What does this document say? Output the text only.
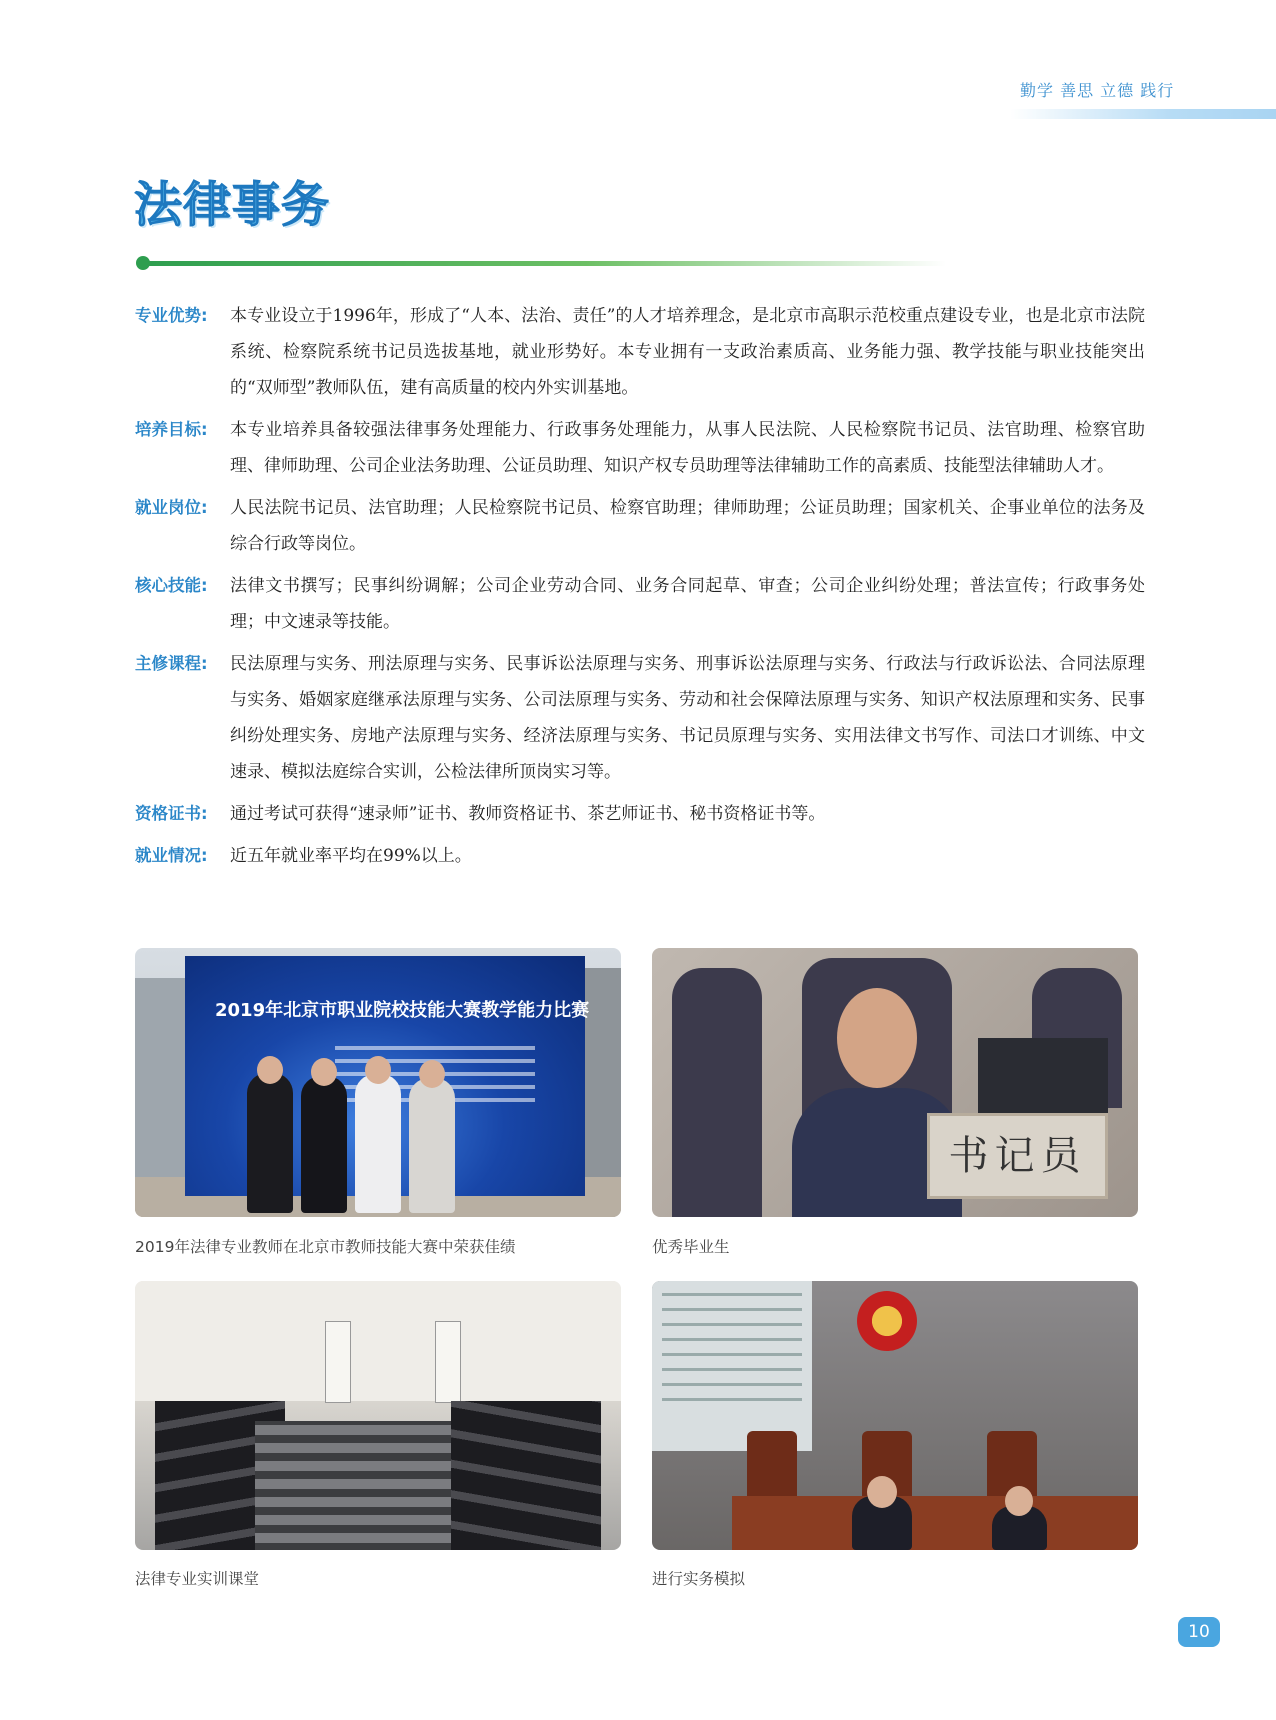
勤学 善思 立德 践行
法律事务
专业优势:	本专业设立于1996年，形成了“人本、法治、责任”的人才培养理念，是北京市高职示范校重点建设专业，也是北京市法院系统、检察院系统书记员选拔基地，就业形势好。本专业拥有一支政治素质高、业务能力强、教学技能与职业技能突出的“双师型”教师队伍，建有高质量的校内外实训基地。
培养目标:	本专业培养具备较强法律事务处理能力、行政事务处理能力，从事人民法院、人民检察院书记员、法官助理、检察官助理、律师助理、公司企业法务助理、公证员助理、知识产权专员助理等法律辅助工作的高素质、技能型法律辅助人才。
就业岗位:	人民法院书记员、法官助理；人民检察院书记员、检察官助理；律师助理；公证员助理；国家机关、企事业单位的法务及综合行政等岗位。
核心技能:	法律文书撰写；民事纠纷调解；公司企业劳动合同、业务合同起草、审查；公司企业纠纷处理；普法宣传；行政事务处理；中文速录等技能。
主修课程:	民法原理与实务、刑法原理与实务、民事诉讼法原理与实务、刑事诉讼法原理与实务、行政法与行政诉讼法、合同法原理与实务、婚姻家庭继承法原理与实务、公司法原理与实务、劳动和社会保障法原理与实务、知识产权法原理和实务、民事纠纷处理实务、房地产法原理与实务、经济法原理与实务、书记员原理与实务、实用法律文书写作、司法口才训练、中文速录、模拟法庭综合实训，公检法律所顶岗实习等。
资格证书:	通过考试可获得“速录师”证书、教师资格证书、茶艺师证书、秘书资格证书等。
就业情况:	近五年就业率平均在99%以上。
2019年北京市职业院校技能大赛教学能力比赛
2019年法律专业教师在北京市教师技能大赛中荣获佳绩
书记员
优秀毕业生
法律专业实训课堂	进行实务模拟
10
